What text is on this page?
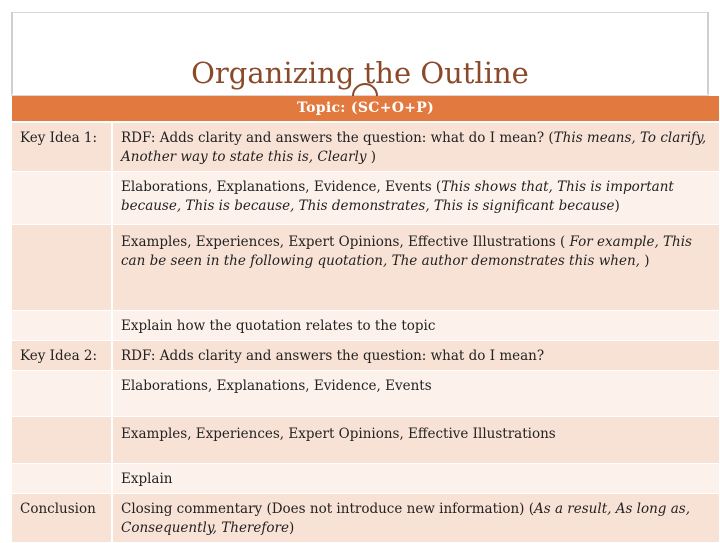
Organizing the Outline
Topic: (SC+O+P)	
Key Idea 1:	RDF: Adds clarity and answers the question: what do I mean? (This means, To clarify, Another way to state this is, Clearly )
	Elaborations, Explanations, Evidence, Events (This shows that, This is important because, This is because, This demonstrates, This is significant because)
	Examples, Experiences, Expert Opinions, Effective Illustrations ( For example, This can be seen in the following quotation, The author demonstrates this when, )
	Explain how the quotation relates to the topic
Key Idea 2:	RDF: Adds clarity and answers the question: what do I mean?
	Elaborations, Explanations, Evidence, Events
	Examples, Experiences, Expert Opinions, Effective Illustrations
	Explain
Conclusion	Closing commentary (Does not introduce new information) (As a result, As long as, Consequently, Therefore)
